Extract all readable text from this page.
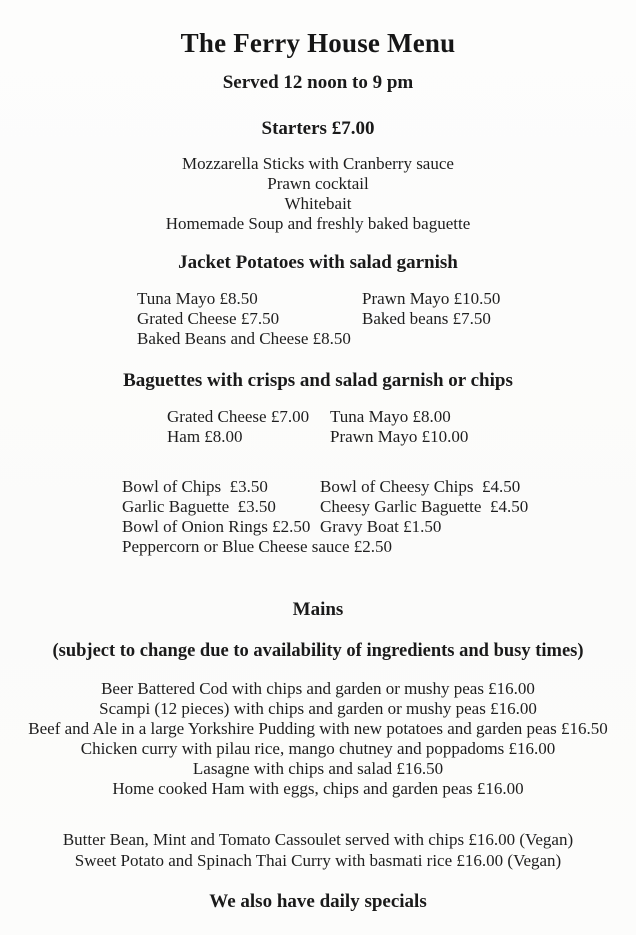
The Ferry House Menu
Served 12 noon to 9 pm
Starters £7.00
Mozzarella Sticks with Cranberry sauce
Prawn cocktail
Whitebait
Homemade Soup and freshly baked baguette
Jacket Potatoes with salad garnish
Tuna Mayo £8.50	Prawn Mayo £10.50
Grated Cheese £7.50	Baked beans £7.50
Baked Beans and Cheese £8.50
Baguettes with crisps and salad garnish or chips
Grated Cheese £7.00	Tuna Mayo £8.00
Ham £8.00	Prawn Mayo £10.00
Bowl of Chips  £3.50	Bowl of Cheesy Chips  £4.50
Garlic Baguette  £3.50	Cheesy Garlic Baguette  £4.50
Bowl of Onion Rings £2.50 Gravy Boat £1.50
Peppercorn or Blue Cheese sauce £2.50
Mains
(subject to change due to availability of ingredients and busy times)
Beer Battered Cod with chips and garden or mushy peas £16.00
Scampi (12 pieces) with chips and garden or mushy peas £16.00
Beef and Ale in a large Yorkshire Pudding with new potatoes and garden peas £16.50
Chicken curry with pilau rice, mango chutney and poppadoms £16.00
Lasagne with chips and salad £16.50
Home cooked Ham with eggs, chips and garden peas £16.00
Butter Bean, Mint and Tomato Cassoulet served with chips £16.00 (Vegan)
Sweet Potato and Spinach Thai Curry with basmati rice £16.00 (Vegan)
We also have daily specials
